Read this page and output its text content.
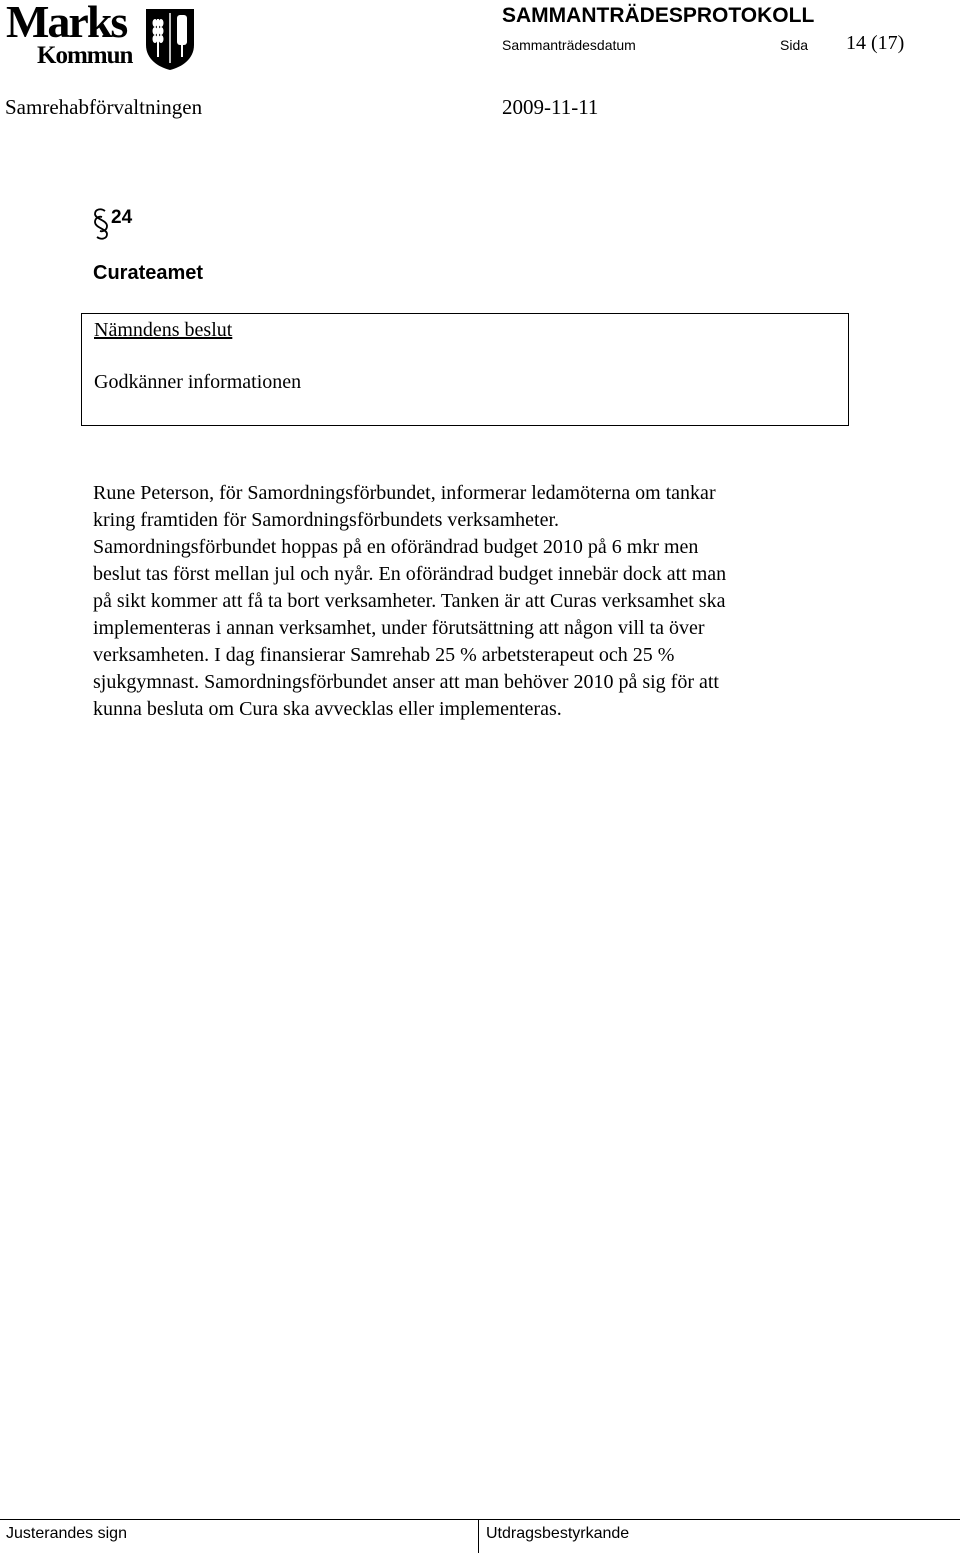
Marks
Kommun
SAMMANTRÄDESPROTOKOLL
Sammanträdesdatum	Sida 14 (17)
Samrehabförvaltningen	2009-11-11
24
Curateamet
Nämndens beslut
Godkänner informationen
Rune Peterson, för Samordningsförbundet, informerar ledamöterna om tankar
kring framtiden för Samordningsförbundets verksamheter.
Samordningsförbundet hoppas på en oförändrad budget 2010 på 6 mkr men
beslut tas först mellan jul och nyår. En oförändrad budget innebär dock att man
på sikt kommer att få ta bort verksamheter. Tanken är att Curas verksamhet ska
implementeras i annan verksamhet, under förutsättning att någon vill ta över
verksamheten. I dag finansierar Samrehab 25 % arbetsterapeut och 25 %
sjukgymnast. Samordningsförbundet anser att man behöver 2010 på sig för att
kunna besluta om Cura ska avvecklas eller implementeras.
Justerandes sign	Utdragsbestyrkande
